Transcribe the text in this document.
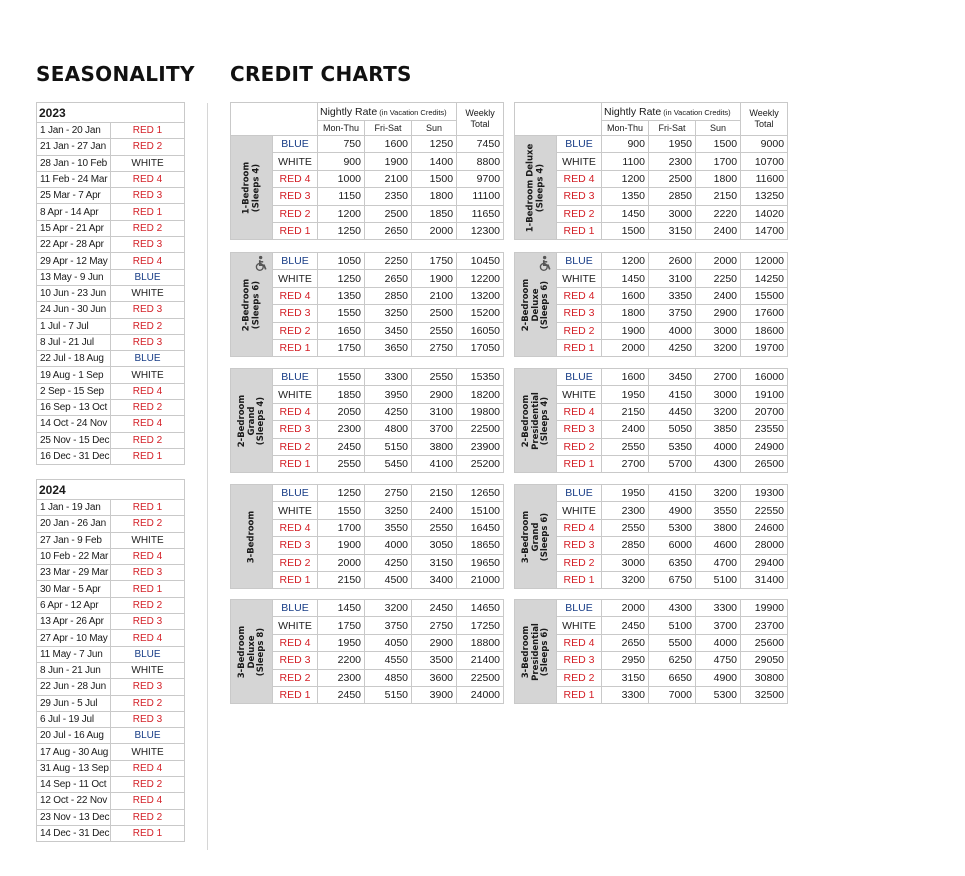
SEASONALITY CREDIT CHARTS
2023	
1 Jan - 20 Jan	RED 1
21 Jan - 27 Jan	RED 2
28 Jan - 10 Feb	WHITE
11 Feb - 24 Mar	RED 4
25 Mar - 7 Apr	RED 3
8 Apr - 14 Apr	RED 1
15 Apr - 21 Apr	RED 2
22 Apr - 28 Apr	RED 3
29 Apr - 12 May	RED 4
13 May - 9 Jun	BLUE
10 Jun - 23 Jun	WHITE
24 Jun - 30 Jun	RED 3
1 Jul - 7 Jul	RED 2
8 Jul - 21 Jul	RED 3
22 Jul - 18 Aug	BLUE
19 Aug - 1 Sep	WHITE
2 Sep - 15 Sep	RED 4
16 Sep - 13 Oct	RED 2
14 Oct - 24 Nov	RED 4
25 Nov - 15 Dec	RED 2
16 Dec - 31 Dec	RED 1
2024	
1 Jan - 19 Jan	RED 1
20 Jan - 26 Jan	RED 2
27 Jan - 9 Feb	WHITE
10 Feb - 22 Mar	RED 4
23 Mar - 29 Mar	RED 3
30 Mar - 5 Apr	RED 1
6 Apr - 12 Apr	RED 2
13 Apr - 26 Apr	RED 3
27 Apr - 10 May	RED 4
11 May - 7 Jun	BLUE
8 Jun - 21 Jun	WHITE
22 Jun - 28 Jun	RED 3
29 Jun - 5 Jul	RED 2
6 Jul - 19 Jul	RED 3
20 Jul - 16 Aug	BLUE
17 Aug - 30 Aug	WHITE
31 Aug - 13 Sep	RED 4
14 Sep - 11 Oct	RED 2
12 Oct - 22 Nov	RED 4
23 Nov - 13 Dec	RED 2
14 Dec - 31 Dec	RED 1
		Nightly Rate (in Vacation Credits)			Weekly Total
		Mon-Thu	Fri-Sat	Sun	

1-Bedroom
(Sleeps 4)	BLUE	750	1600	1250	7450
	WHITE	900	1900	1400	8800
	RED 4	1000	2100	1500	9700
	RED 3	1150	2350	1800	11100
	RED 2	1200	2500	1850	11650
	RED 1	1250	2650	2000	12300
		Nightly Rate (in Vacation Credits)			Weekly Total
		Mon-Thu	Fri-Sat	Sun	

1-Bedroom Deluxe
(Sleeps 4)	BLUE	900	1950	1500	9000
	WHITE	1100	2300	1700	10700
	RED 4	1200	2500	1800	11600
	RED 3	1350	2850	2150	13250
	RED 2	1450	3000	2220	14020
	RED 1	1500	3150	2400	14700
2-Bedroom
(Sleeps 6)	BLUE	1050	2250	1750	10450
	WHITE	1250	2650	1900	12200
	RED 4	1350	2850	2100	13200
	RED 3	1550	3250	2500	15200
	RED 2	1650	3450	2550	16050
	RED 1	1750	3650	2750	17050
2-Bedroom
Deluxe
(Sleeps 6)	BLUE	1200	2600	2000	12000
	WHITE	1450	3100	2250	14250
	RED 4	1600	3350	2400	15500
	RED 3	1800	3750	2900	17600
	RED 2	1900	4000	3000	18600
	RED 1	2000	4250	3200	19700
2-Bedroom
Grand
(Sleeps 4)	BLUE	1550	3300	2550	15350
	WHITE	1850	3950	2900	18200
	RED 4	2050	4250	3100	19800
	RED 3	2300	4800	3700	22500
	RED 2	2450	5150	3800	23900
	RED 1	2550	5450	4100	25200
2-Bedroom
Presidential
(Sleeps 4)	BLUE	1600	3450	2700	16000
	WHITE	1950	4150	3000	19100
	RED 4	2150	4450	3200	20700
	RED 3	2400	5050	3850	23550
	RED 2	2550	5350	4000	24900
	RED 1	2700	5700	4300	26500
3-Bedroom	BLUE	1250	2750	2150	12650
	WHITE	1550	3250	2400	15100
	RED 4	1700	3550	2550	16450
	RED 3	1900	4000	3050	18650
	RED 2	2000	4250	3150	19650
	RED 1	2150	4500	3400	21000
3-Bedroom
Grand
(Sleeps 6)	BLUE	1950	4150	3200	19300
	WHITE	2300	4900	3550	22550
	RED 4	2550	5300	3800	24600
	RED 3	2850	6000	4600	28000
	RED 2	3000	6350	4700	29400
	RED 1	3200	6750	5100	31400
3-Bedroom
Deluxe
(Sleeps 8)	BLUE	1450	3200	2450	14650
	WHITE	1750	3750	2750	17250
	RED 4	1950	4050	2900	18800
	RED 3	2200	4550	3500	21400
	RED 2	2300	4850	3600	22500
	RED 1	2450	5150	3900	24000
3-Bedroom
Presidential
(Sleeps 6)	BLUE	2000	4300	3300	19900
	WHITE	2450	5100	3700	23700
	RED 4	2650	5500	4000	25600
	RED 3	2950	6250	4750	29050
	RED 2	3150	6650	4900	30800
	RED 1	3300	7000	5300	32500
